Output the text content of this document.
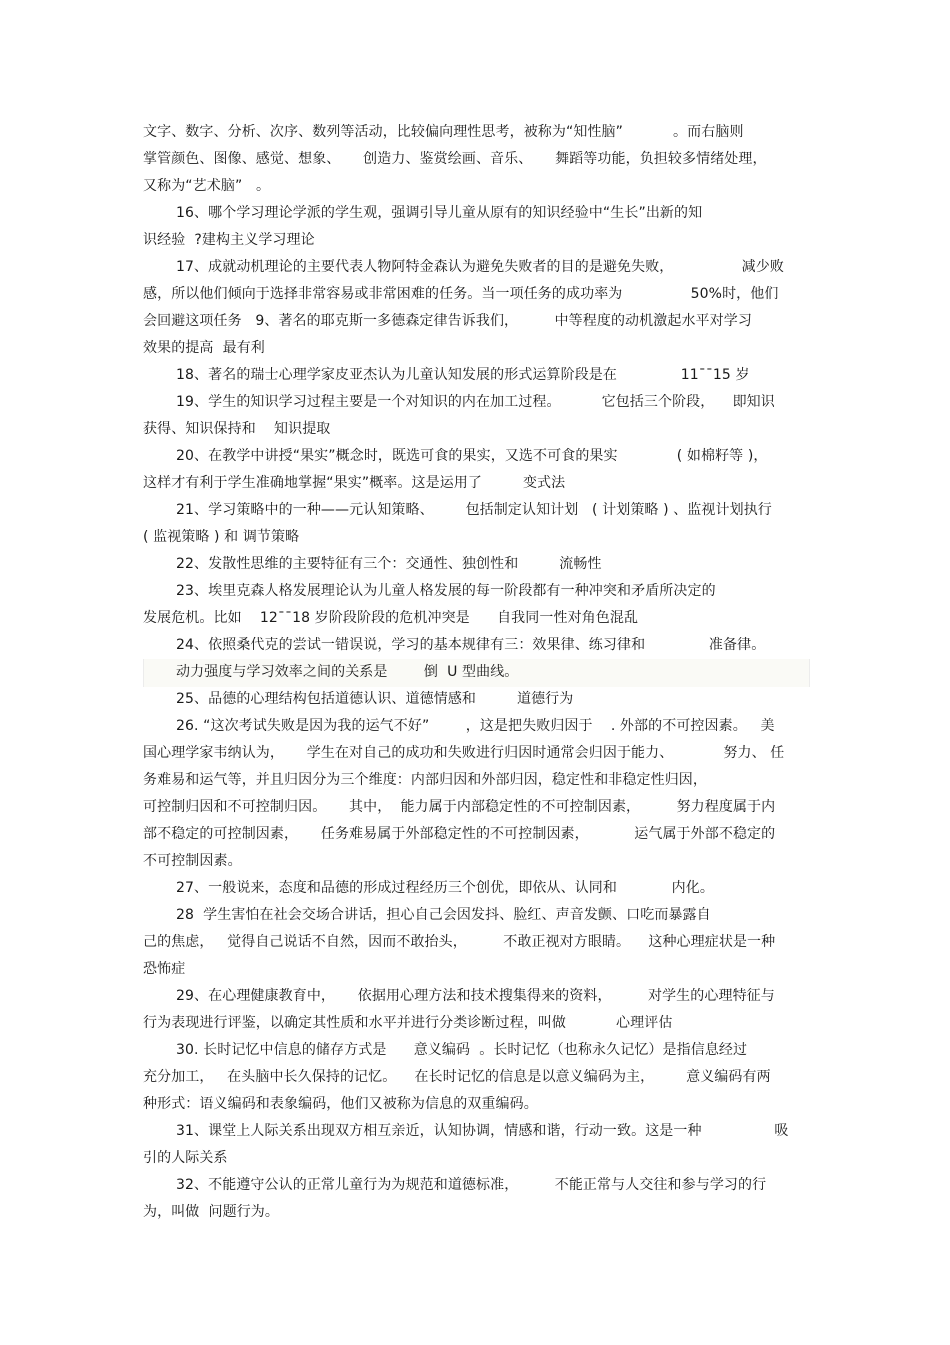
文字、数字、分析、次序、数列等活动，比较偏向理性思考，被称为“知性脑”           。而右脑则
掌管颜色、图像、感觉、想象、     创造力、鉴赏绘画、音乐、     舞蹈等功能，负担较多情绪处理，
又称为“艺术脑”   。
16、哪个学习理论学派的学生观，强调引导儿童从原有的知识经验中“生长”出新的知
识经验  ?建构主义学习理论
17、成就动机理论的主要代表人物阿特金森认为避免失败者的目的是避免失败，               减少败
感，所以他们倾向于选择非常容易或非常困难的任务。当一项任务的成功率为               50%时，他们
会回避这项任务   9、著名的耶克斯一多德森定律告诉我们，        中等程度的动机激起水平对学习
效果的提高  最有利
18、著名的瑞士心理学家皮亚杰认为儿童认知发展的形式运算阶段是在              11¯¯15 岁
19、学生的知识学习过程主要是一个对知识的内在加工过程。         它包括三个阶段，    即知识
获得、知识保持和    知识提取
20、在教学中讲授“果实”概念时，既选可食的果实，又选不可食的果实             ( 如棉籽等 )，
这样才有利于学生准确地掌握“果实”概率。这是运用了         变式法
21、学习策略中的一种——元认知策略、       包括制定认知计划   ( 计划策略 ) 、监视计划执行
( 监视策略 ) 和 调节策略
22、发散性思维的主要特征有三个：交通性、独创性和         流畅性
23、埃里克森人格发展理论认为儿童人格发展的每一阶段都有一种冲突和矛盾所决定的
发展危机。比如    12¯¯18 岁阶段阶段的危机冲突是      自我同一性对角色混乱
24、依照桑代克的尝试一错误说，学习的基本规律有三：效果律、练习律和              准备律。
动力强度与学习效率之间的关系是        倒  U 型曲线。
25、品德的心理结构包括道德认识、道德情感和         道德行为
26. “这次考试失败是因为我的运气不好”        ，这是把失败归因于    . 外部的不可控因素。   美
国心理学家韦纳认为，     学生在对自己的成功和失败进行归因时通常会归因于能力、           努力、 任
务难易和运气等，并且归因分为三个维度：内部归因和外部归因，稳定性和非稳定性归因，
可控制归因和不可控制归因。     其中，  能力属于内部稳定性的不可控制因素，        努力程度属于内
部不稳定的可控制因素，     任务难易属于外部稳定性的不可控制因素，          运气属于外部不稳定的
不可控制因素。
27、一般说来，态度和品德的形成过程经历三个创优，即依从、认同和            内化。
28  学生害怕在社会交场合讲话，担心自己会因发抖、脸红、声音发颤、口吃而暴露自
己的焦虑，   觉得自己说话不自然，因而不敢抬头，        不敢正视对方眼睛。    这种心理症状是一种
恐怖症
29、在心理健康教育中，     依据用心理方法和技术搜集得来的资料，        对学生的心理特征与
行为表现进行评鉴，以确定其性质和水平并进行分类诊断过程，叫做           心理评估
30. 长时记忆中信息的储存方式是      意义编码  。长时记忆（也称永久记忆）是指信息经过
充分加工，   在头脑中长久保持的记忆。    在长时记忆的信息是以意义编码为主，       意义编码有两
种形式：语义编码和表象编码，他们又被称为信息的双重编码。
31、课堂上人际关系出现双方相互亲近，认知协调，情感和谐，行动一致。这是一种                吸
引的人际关系
32、不能遵守公认的正常儿童行为为规范和道德标准，        不能正常与人交往和参与学习的行
为，叫做  问题行为。
